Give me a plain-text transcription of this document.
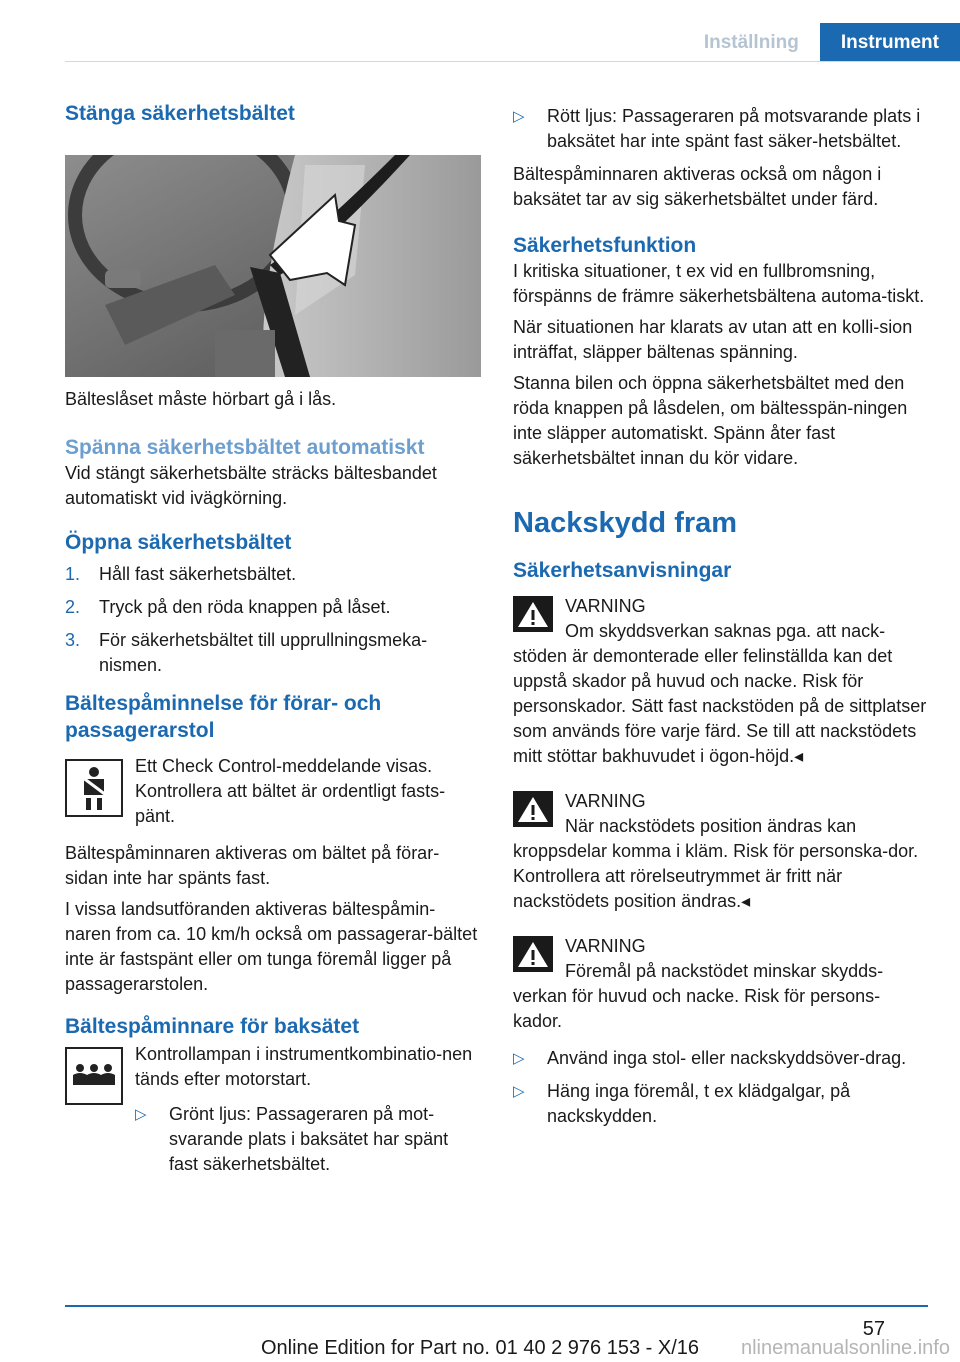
Inställning	Instrument
Stänga säkerhetsbältet

Bälteslåset måste hörbart gå i lås.

Spänna säkerhetsbältet automatiskt

Vid stängt säkerhetsbälte sträcks bältesbandet automatiskt vid ivägkörning.

Öppna säkerhetsbältet
1.	Håll fast säkerhetsbältet.
2.	Tryck på den röda knappen på låset.
3.	För säkerhetsbältet till upprullningsmeka-nismen.
Bältespåminnelse för förar- och passagerarstol

Ett Check Control-meddelande visas. Kontrollera att bältet är ordentligt fasts-pänt.

Bältespåminnaren aktiveras om bältet på förar-sidan inte har spänts fast.

I vissa landsutföranden aktiveras bältespåmin-naren from ca. 10 km/h också om passagerar-bältet inte är fastspänt eller om tunga föremål ligger på passagerarstolen.

Bältespåminnare för baksätet

Kontrollampan i instrumentkombinatio-nen tänds efter motorstart.

▷	Grönt ljus: Passageraren på mot-svarande plats i baksätet har spänt fast säkerhetsbältet.
▷	Rött ljus: Passageraren på motsvarande plats i baksätet har inte spänt fast säker-hetsbältet.

Bältespåminnaren aktiveras också om någon i baksätet tar av sig säkerhetsbältet under färd.

Säkerhetsfunktion

I kritiska situationer, t ex vid en fullbromsning, förspänns de främre säkerhetsbältena automa-tiskt.

När situationen har klarats av utan att en kolli-sion inträffat, släpper bältenas spänning.

Stanna bilen och öppna säkerhetsbältet med den röda knappen på låsdelen, om bältesspän-ningen inte släpper automatiskt. Spänn åter fast säkerhetsbältet innan du kör vidare.

Nackskydd fram
Säkerhetsanvisningar

VARNING

Om skyddsverkan saknas pga. att nack-stöden är demonterade eller felinställda kan det uppstå skador på huvud och nacke. Risk för personskador. Sätt fast nackstöden på de sittplatser som används före varje färd. Se till att nackstödets mitt stöttar bakhuvudet i ögon-höjd.◂

VARNING

När nackstödets position ändras kan kroppsdelar komma i kläm. Risk för personska-dor. Kontrollera att rörelseutrymmet är fritt när nackstödets position ändras.◂

VARNING

Föremål på nackstödet minskar skydds-verkan för huvud och nacke. Risk för persons-kador.

▷	Använd inga stol- eller nackskyddsöver-drag.
▷	Häng inga föremål, t ex klädgalgar, på nackskydden.
57
Online Edition for Part no. 01 40 2 976 153 - X/16	nlinemanualsonline.info
